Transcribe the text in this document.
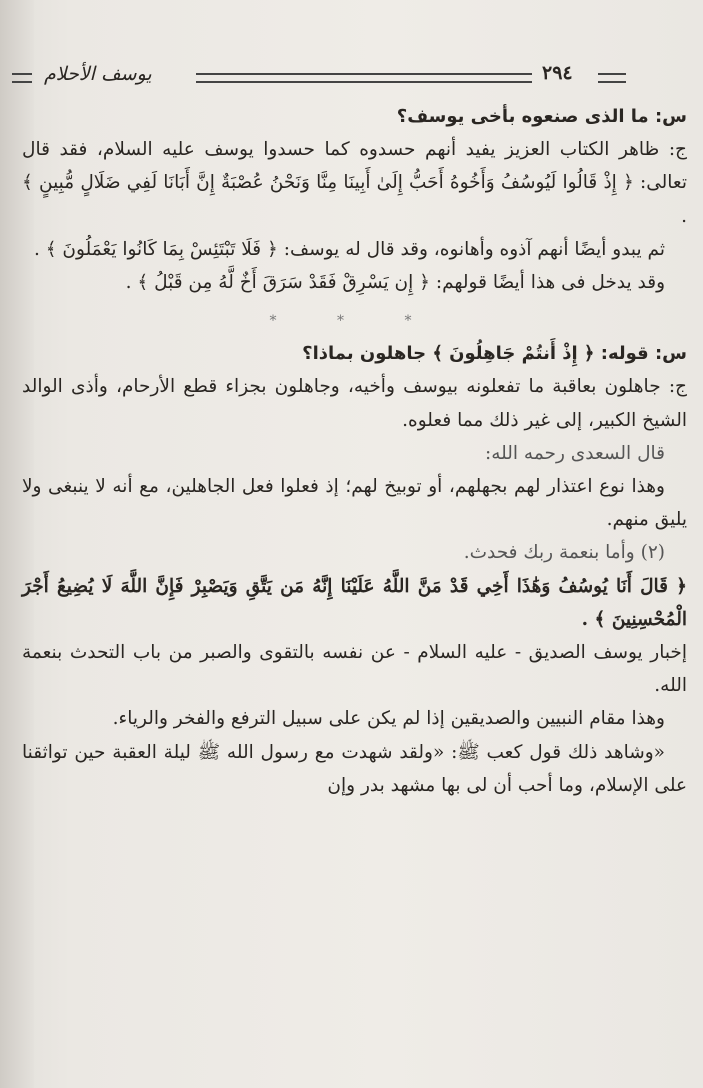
يوسف الأحلام	٢٩٤

س: ما الذى صنعوه بأخى يوسف؟

ج: ظاهر الكتاب العزيز يفيد أنهم حسدوه كما حسدوا يوسف عليه السلام، فقد قال تعالى: ﴿ إِذْ قَالُوا لَيُوسُفُ وَأَخُوهُ أَحَبُّ إِلَىٰ أَبِينَا مِنَّا وَنَحْنُ عُصْبَةٌ إِنَّ أَبَانَا لَفِي ضَلَالٍ مُّبِينٍ ﴾ .

ثم يبدو أيضًا أنهم آذوه وأهانوه، وقد قال له يوسف: ﴿ فَلَا تَبْتَئِسْ بِمَا كَانُوا يَعْمَلُونَ ﴾ .

وقد يدخل فى هذا أيضًا قولهم: ﴿ إِن يَسْرِقْ فَقَدْ سَرَقَ أَخٌ لَّهُ مِن قَبْلُ ﴾ .

* * *

س: قوله: ﴿ إِذْ أَنتُمْ جَاهِلُونَ ﴾ جاهلون بماذا؟

ج: جاهلون بعاقبة ما تفعلونه بيوسف وأخيه، وجاهلون بجزاء قطع الأرحام، وأذى الوالد الشيخ الكبير، إلى غير ذلك مما فعلوه.

قال السعدى رحمه الله:

وهذا نوع اعتذار لهم بجهلهم، أو توبيخ لهم؛ إذ فعلوا فعل الجاهلين، مع أنه لا ينبغى ولا يليق منهم.

(٢) وأما بنعمة ربك فحدث.

﴿ قَالَ أَنَا يُوسُفُ وَهَٰذَا أَخِي قَدْ مَنَّ اللَّهُ عَلَيْنَا إِنَّهُ مَن يَتَّقِ وَيَصْبِرْ فَإِنَّ اللَّهَ لَا يُضِيعُ أَجْرَ الْمُحْسِنِينَ ﴾ .

إخبار يوسف الصديق - عليه السلام - عن نفسه بالتقوى والصبر من باب التحدث بنعمة الله.

وهذا مقام النبيين والصديقين إذا لم يكن على سبيل الترفع والفخر والرياء.

«وشاهد ذلك قول كعب ﷺ: «ولقد شهدت مع رسول الله ﷺ ليلة العقبة حين تواثقنا على الإسلام، وما أحب أن لى بها مشهد بدر وإن
